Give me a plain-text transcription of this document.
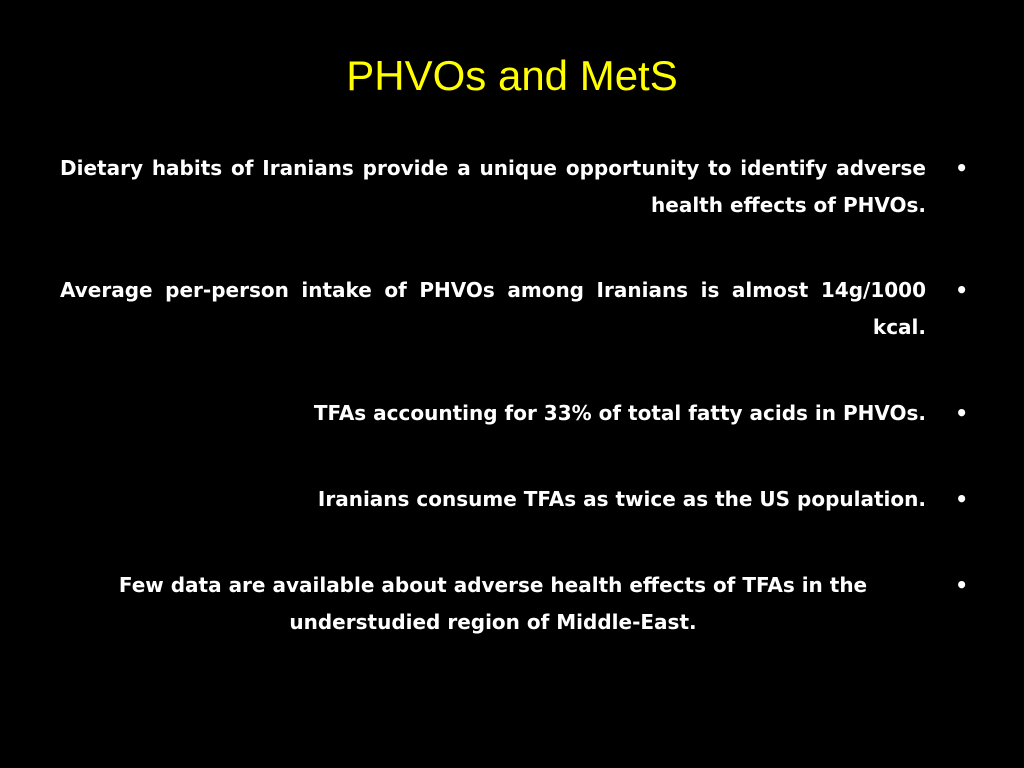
PHVOs and MetS
Dietary habits of Iranians provide a unique opportunity to identify adverse health effects of PHVOs.
•
Average per-person intake of PHVOs among Iranians is almost 14g/1000 kcal.
•
TFAs accounting for 33% of total fatty acids in PHVOs.	•
Iranians consume TFAs as twice as the US population.	•
Few data are available about adverse health effects of TFAs in the understudied region of Middle-East.
•
